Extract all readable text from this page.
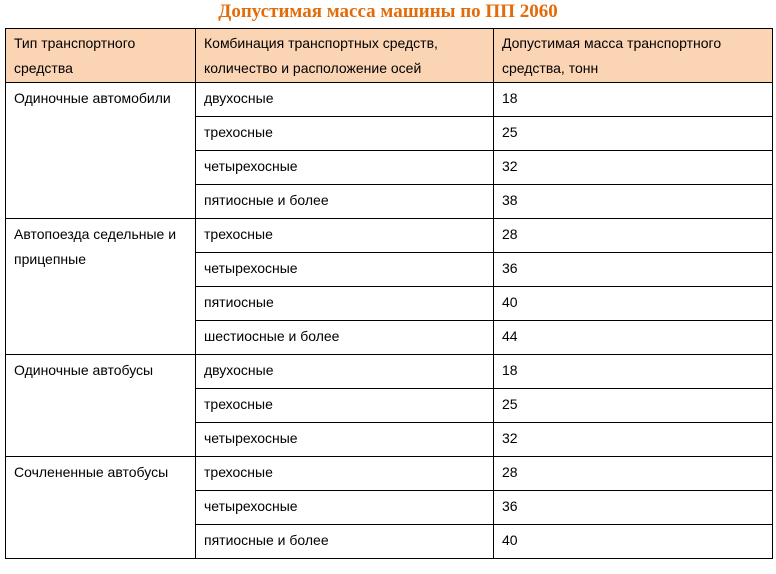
Допустимая масса машины по ПП 2060
Тип транспортного средства	Комбинация транспортных средств, количество и расположение осей	Допустимая масса транспортного средства, тонн
Одиночные автомобили	двухосные	18
	трехосные	25
	четырехосные	32
	пятиосные и более	38
Автопоезда седельные и прицепные	трехосные	28
	четырехосные	36
	пятиосные	40
	шестиосные и более	44
Одиночные автобусы	двухосные	18
	трехосные	25
	четырехосные	32
Сочлененные автобусы	трехосные	28
	четырехосные	36
	пятиосные и более	40
